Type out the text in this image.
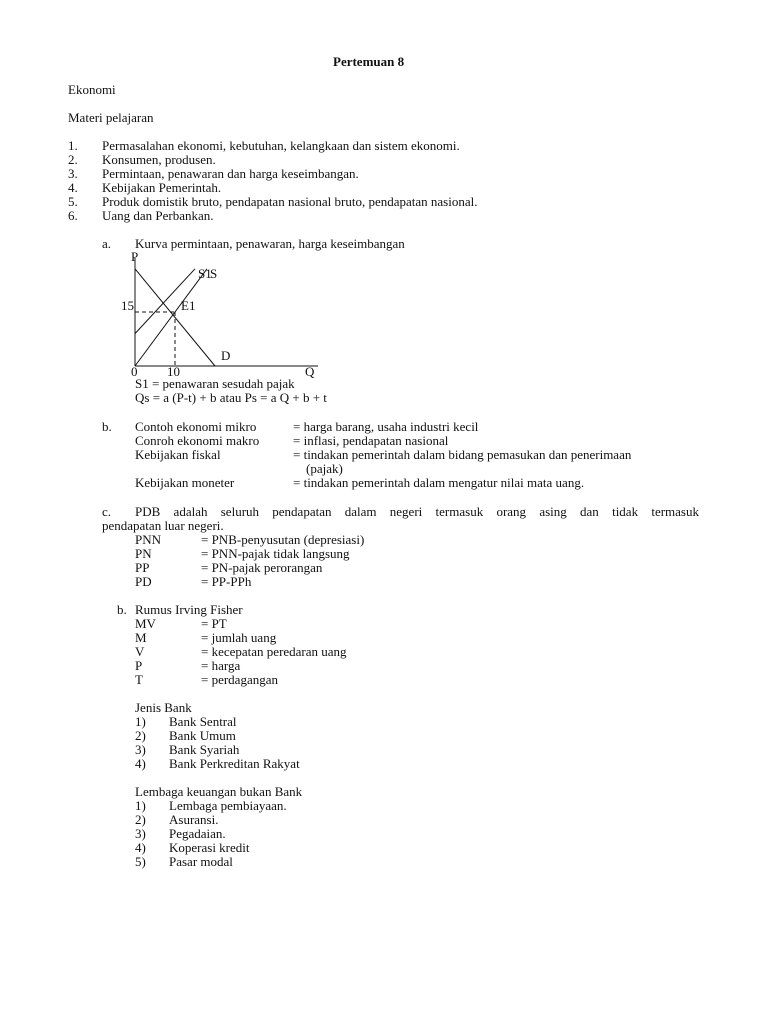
Pertemuan 8
Ekonomi
Materi pelajaran
1. Permasalahan ekonomi, kebutuhan, kelangkaan dan sistem ekonomi.
2. Konsumen, produsen.
3. Permintaan, penawaran dan harga keseimbangan.
4. Kebijakan Pemerintah.
5. Produk domistik bruto, pendapatan nasional bruto, pendapatan nasional.
6. Uang dan Perbankan.
a. Kurva permintaan, penawaran, harga keseimbangan
D
S1
S
P
Q
0 10
15	E1
S1 = penawaran sesudah pajak
Qs = a (P-t) + b atau Ps = a Q + b + t
b. Contoh ekonomi mikro	= harga barang, usaha industri kecil
Conroh ekonomi makro	= inflasi, pendapatan nasional
Kebijakan fiskal	= tindakan pemerintah dalam bidang pemasukan dan penerimaan
(pajak)
Kebijakan moneter	= tindakan pemerintah dalam mengatur nilai mata uang.
c. PDB adalah seluruh pendapatan dalam negeri termasuk orang asing dan tidak termasuk
pendapatan luar negeri.
PNN	= PNB-penyusutan (depresiasi)
PN	= PNN-pajak tidak langsung
PP	= PN-pajak perorangan
PD	= PP-PPh
b. Rumus Irving Fisher
MV	= PT
M	= jumlah uang
V	= kecepatan peredaran uang
P	= harga
T	= perdagangan
Jenis Bank
1) Bank Sentral
2) Bank Umum
3) Bank Syariah
4) Bank Perkreditan Rakyat
Lembaga keuangan bukan Bank
1) Lembaga pembiayaan.
2) Asuransi.
3) Pegadaian.
4) Koperasi kredit
5) Pasar modal
